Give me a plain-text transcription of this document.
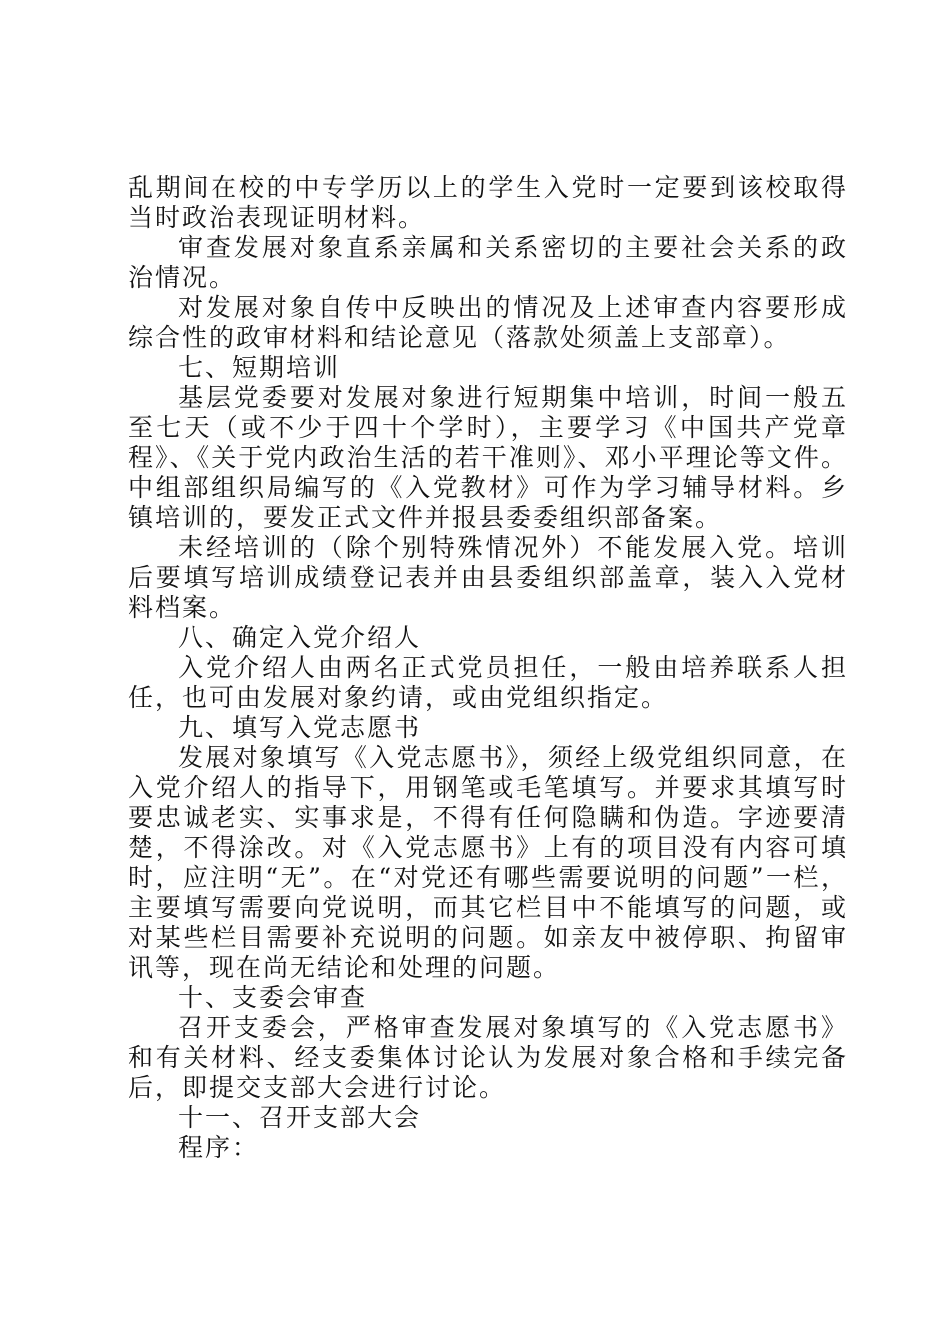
乱期间在校的中专学历以上的学生入党时一定要到该校取得当时政治表现证明材料。

审查发展对象直系亲属和关系密切的主要社会关系的政治情况。

对发展对象自传中反映出的情况及上述审查内容要形成综合性的政审材料和结论意见（落款处须盖上支部章）。

七、短期培训

基层党委要对发展对象进行短期集中培训，时间一般五至七天（或不少于四十个学时），主要学习《中国共产党章程》、《关于党内政治生活的若干准则》、邓小平理论等文件。中组部组织局编写的《入党教材》可作为学习辅导材料。乡镇培训的，要发正式文件并报县委委组织部备案。

未经培训的（除个别特殊情况外）不能发展入党。培训后要填写培训成绩登记表并由县委组织部盖章，装入入党材料档案。

八、确定入党介绍人

入党介绍人由两名正式党员担任，一般由培养联系人担任，也可由发展对象约请，或由党组织指定。

九、填写入党志愿书

发展对象填写《入党志愿书》，须经上级党组织同意，在入党介绍人的指导下，用钢笔或毛笔填写。并要求其填写时要忠诚老实、实事求是，不得有任何隐瞒和伪造。字迹要清楚，不得涂改。对《入党志愿书》上有的项目没有内容可填时，应注明“无”。在“对党还有哪些需要说明的问题”一栏，主要填写需要向党说明，而其它栏目中不能填写的问题，或对某些栏目需要补充说明的问题。如亲友中被停职、拘留审讯等，现在尚无结论和处理的问题。

十、支委会审查

召开支委会，严格审查发展对象填写的《入党志愿书》和有关材料、经支委集体讨论认为发展对象合格和手续完备后，即提交支部大会进行讨论。

十一、召开支部大会

程序：
